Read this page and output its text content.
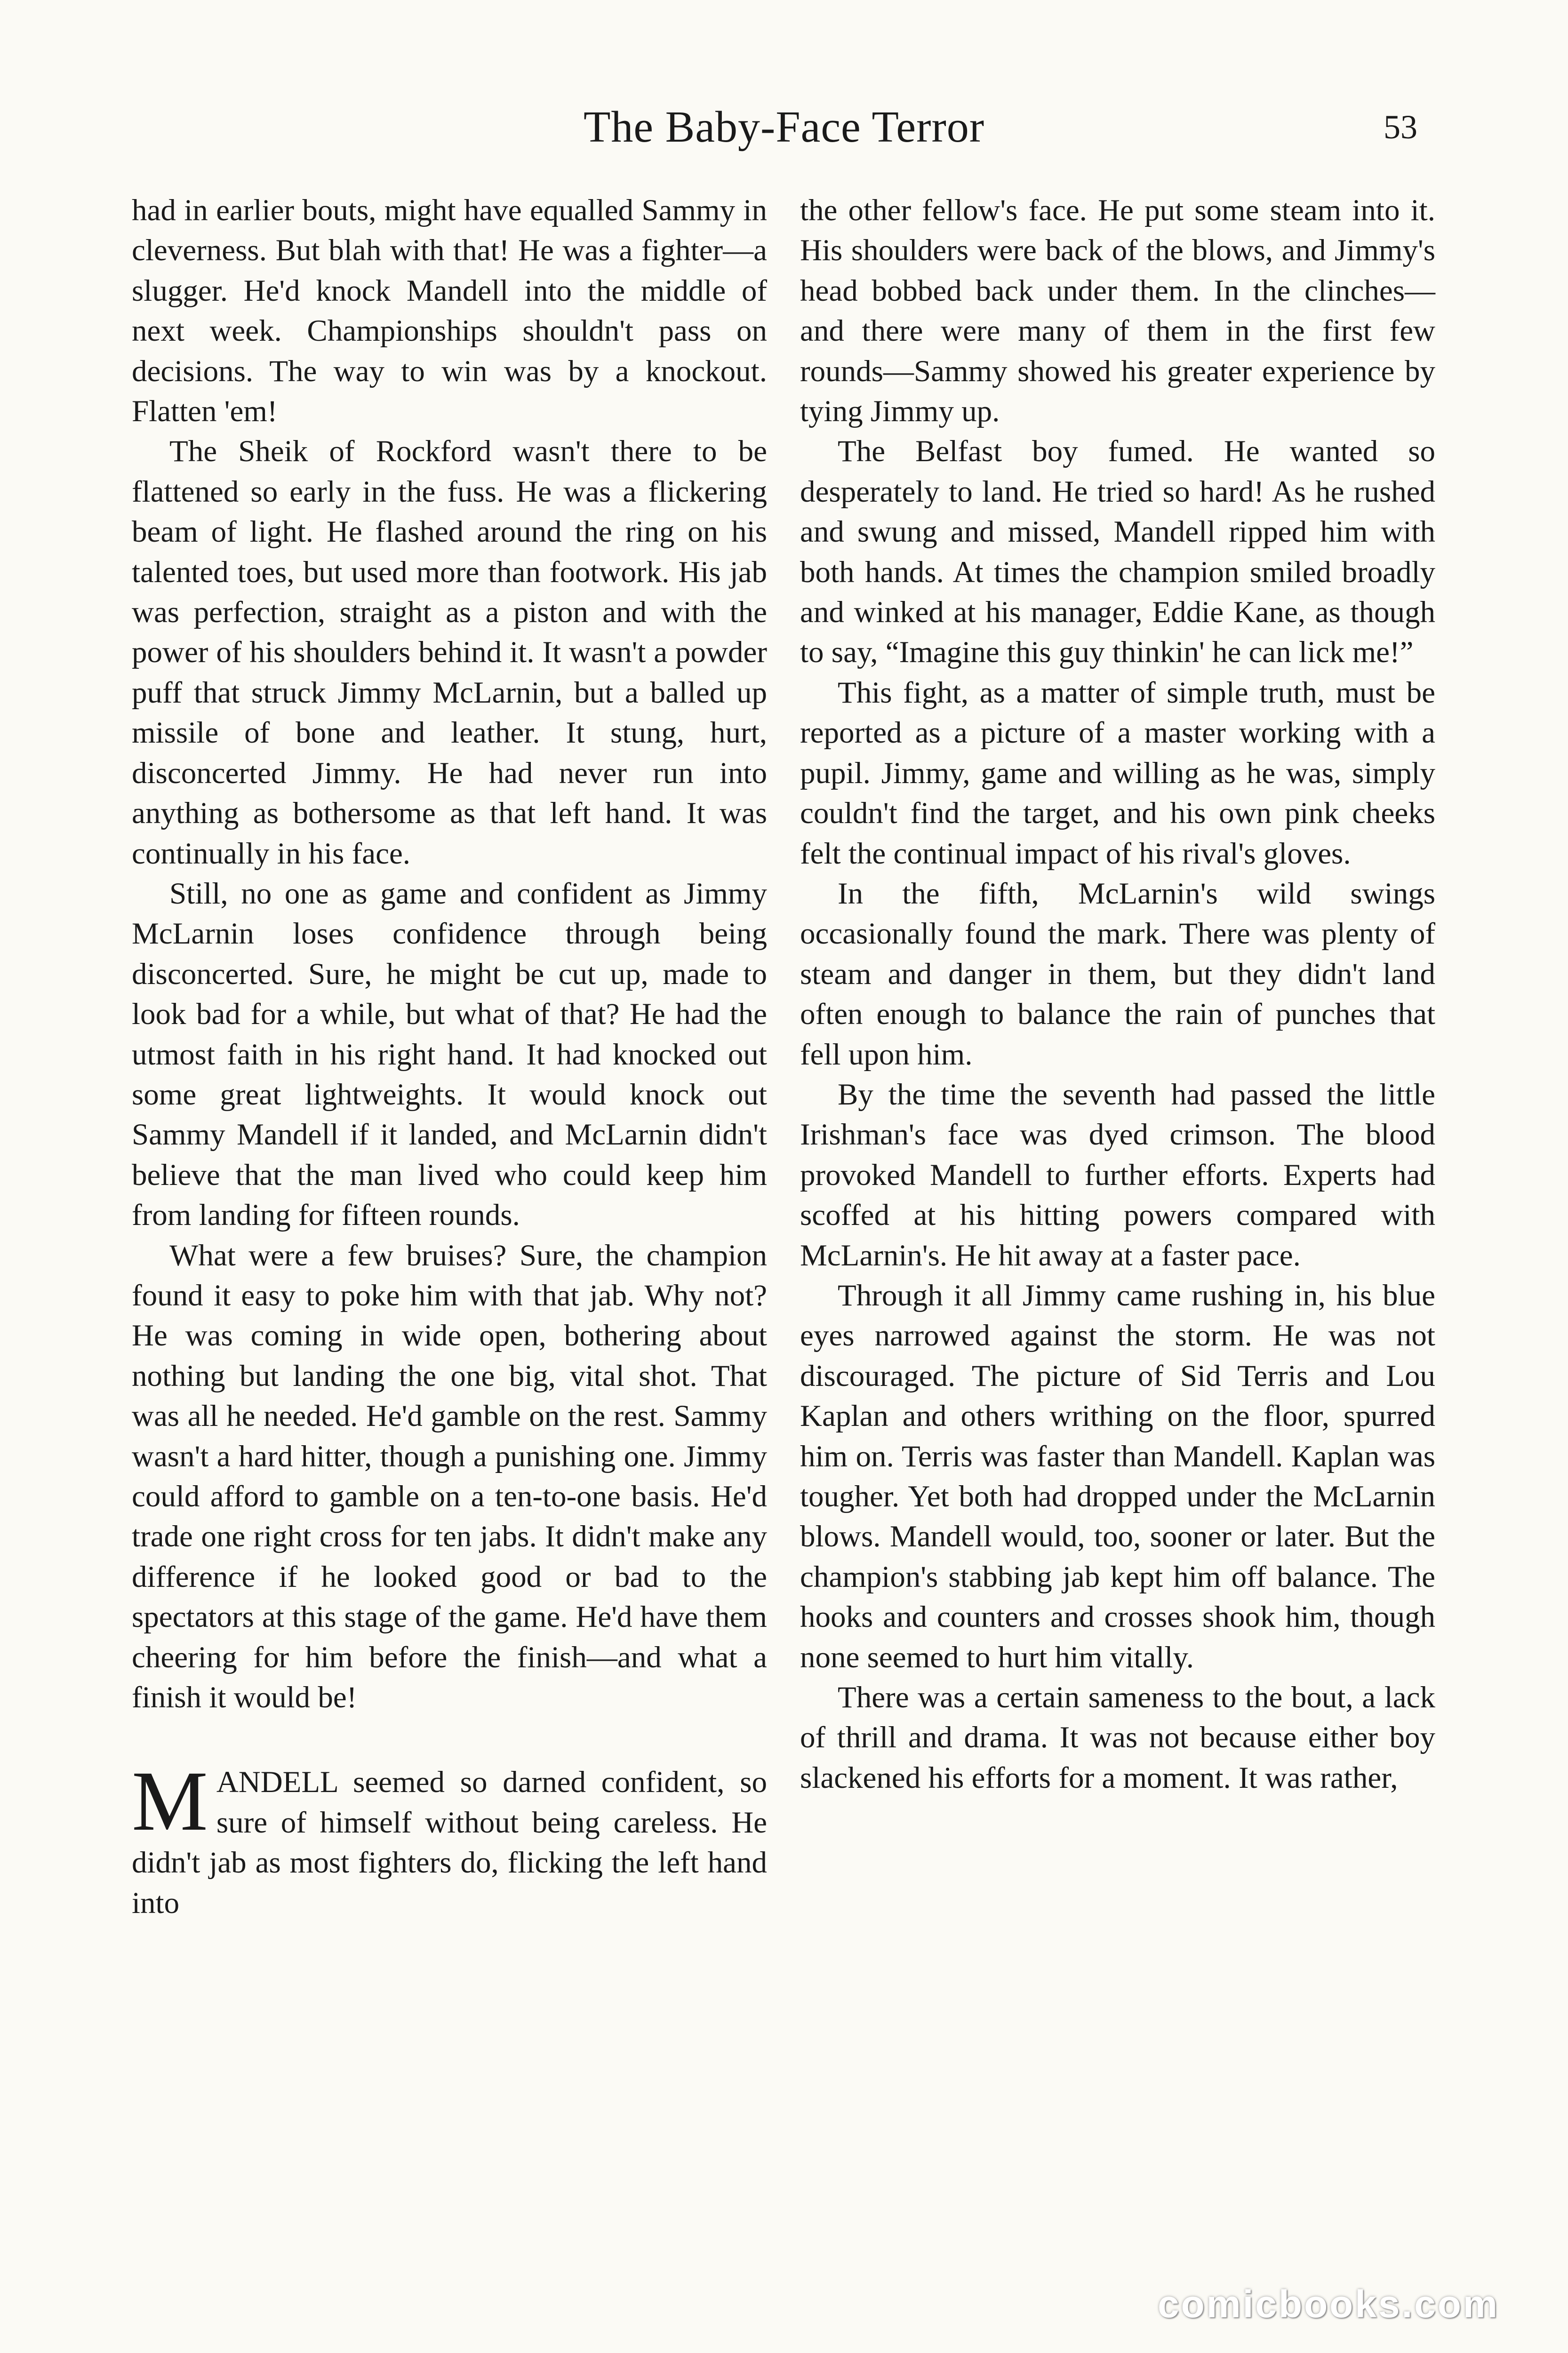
The Baby-Face Terror	53

had in earlier bouts, might have equalled Sammy in cleverness. But blah with that! He was a fighter—a slugger. He'd knock Mandell into the middle of next week. Championships shouldn't pass on decisions. The way to win was by a knockout. Flatten 'em!

The Sheik of Rockford wasn't there to be flattened so early in the fuss. He was a flickering beam of light. He flashed around the ring on his talented toes, but used more than footwork. His jab was perfection, straight as a piston and with the power of his shoulders behind it. It wasn't a powder puff that struck Jimmy McLarnin, but a balled up missile of bone and leather. It stung, hurt, disconcerted Jimmy. He had never run into anything as bothersome as that left hand. It was continually in his face.

Still, no one as game and confident as Jimmy McLarnin loses confidence through being disconcerted. Sure, he might be cut up, made to look bad for a while, but what of that? He had the utmost faith in his right hand. It had knocked out some great lightweights. It would knock out Sammy Mandell if it landed, and McLarnin didn't believe that the man lived who could keep him from landing for fifteen rounds.

What were a few bruises? Sure, the champion found it easy to poke him with that jab. Why not? He was coming in wide open, bothering about nothing but landing the one big, vital shot. That was all he needed. He'd gamble on the rest. Sammy wasn't a hard hitter, though a punishing one. Jimmy could afford to gamble on a ten-to-one basis. He'd trade one right cross for ten jabs. It didn't make any difference if he looked good or bad to the spectators at this stage of the game. He'd have them cheering for him before the finish—and what a finish it would be!

MANDELL seemed so darned confident, so sure of himself without being careless. He didn't jab as most fighters do, flicking the left hand into

the other fellow's face. He put some steam into it. His shoulders were back of the blows, and Jimmy's head bobbed back under them. In the clinches—and there were many of them in the first few rounds—Sammy showed his greater experience by tying Jimmy up.

The Belfast boy fumed. He wanted so desperately to land. He tried so hard! As he rushed and swung and missed, Mandell ripped him with both hands. At times the champion smiled broadly and winked at his manager, Eddie Kane, as though to say, “Imagine this guy thinkin' he can lick me!”

This fight, as a matter of simple truth, must be reported as a picture of a master working with a pupil. Jimmy, game and willing as he was, simply couldn't find the target, and his own pink cheeks felt the continual impact of his rival's gloves.

In the fifth, McLarnin's wild swings occasionally found the mark. There was plenty of steam and danger in them, but they didn't land often enough to balance the rain of punches that fell upon him.

By the time the seventh had passed the little Irishman's face was dyed crimson. The blood provoked Mandell to further efforts. Experts had scoffed at his hitting powers compared with McLarnin's. He hit away at a faster pace.

Through it all Jimmy came rushing in, his blue eyes narrowed against the storm. He was not discouraged. The picture of Sid Terris and Lou Kaplan and others writhing on the floor, spurred him on. Terris was faster than Mandell. Kaplan was tougher. Yet both had dropped under the McLarnin blows. Mandell would, too, sooner or later. But the champion's stabbing jab kept him off balance. The hooks and counters and crosses shook him, though none seemed to hurt him vitally.

There was a certain sameness to the bout, a lack of thrill and drama. It was not because either boy slackened his efforts for a moment. It was rather,

comicbooks.com
